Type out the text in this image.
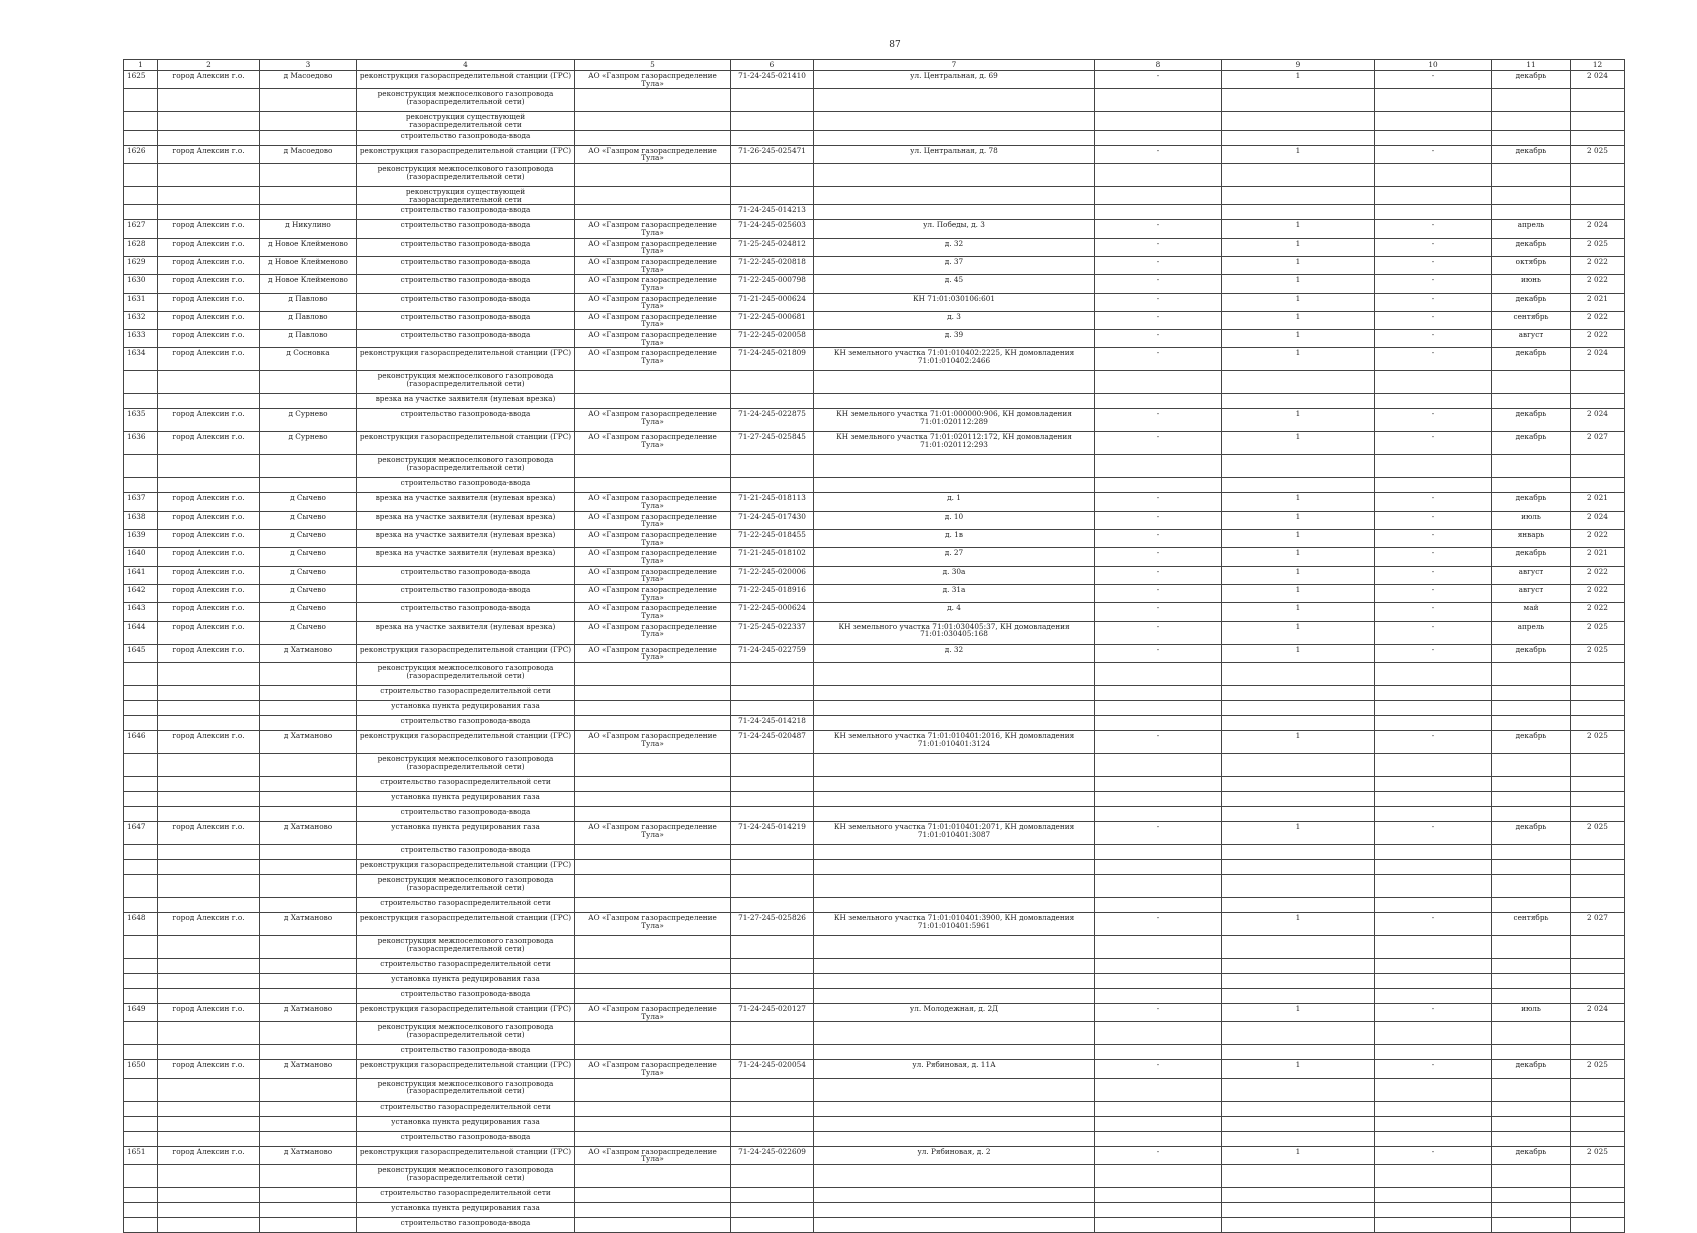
87
1	2	3	4	5	6	7	8	9	10	11	12
1625	город Алексин г.о.	д Масоедово	реконструкция газораспределительной станции (ГРС)	АО «Газпром газораспределение Тула»	71-24-245-021410	ул. Центральная, д. 69	-	1	-	декабрь	2 024
			реконструкция межпоселкового газопровода (газораспределительной сети)								
			реконструкция существующей газораспределительной сети								
			строительство газопровода-ввода								
1626	город Алексин г.о.	д Масоедово	реконструкция газораспределительной станции (ГРС)	АО «Газпром газораспределение Тула»	71-26-245-025471	ул. Центральная, д. 78	-	1	-	декабрь	2 025
			реконструкция межпоселкового газопровода (газораспределительной сети)								
			реконструкция существующей газораспределительной сети								
			строительство газопровода-ввода		71-24-245-014213						
1627	город Алексин г.о.	д Никулино	строительство газопровода-ввода	АО «Газпром газораспределение Тула»	71-24-245-025603	ул. Победы, д. 3	-	1	-	апрель	2 024
1628	город Алексин г.о.	д Новое Клейменово	строительство газопровода-ввода	АО «Газпром газораспределение Тула»	71-25-245-024812	д. 32	-	1	-	декабрь	2 025
1629	город Алексин г.о.	д Новое Клейменово	строительство газопровода-ввода	АО «Газпром газораспределение Тула»	71-22-245-020818	д. 37	-	1	-	октябрь	2 022
1630	город Алексин г.о.	д Новое Клейменово	строительство газопровода-ввода	АО «Газпром газораспределение Тула»	71-22-245-000798	д. 45	-	1	-	июнь	2 022
1631	город Алексин г.о.	д Павлово	строительство газопровода-ввода	АО «Газпром газораспределение Тула»	71-21-245-000624	КН 71:01:030106:601	-	1	-	декабрь	2 021
1632	город Алексин г.о.	д Павлово	строительство газопровода-ввода	АО «Газпром газораспределение Тула»	71-22-245-000681	д. 3	-	1	-	сентябрь	2 022
1633	город Алексин г.о.	д Павлово	строительство газопровода-ввода	АО «Газпром газораспределение Тула»	71-22-245-020058	д. 39	-	1	-	август	2 022
1634	город Алексин г.о.	д Сосновка	реконструкция газораспределительной станции (ГРС)	АО «Газпром газораспределение Тула»	71-24-245-021809	КН земельного участка 71:01:010402:2225, КН домовладения 71:01:010402:2466	-	1	-	декабрь	2 024
			реконструкция межпоселкового газопровода (газораспределительной сети)								
			врезка на участке заявителя (нулевая врезка)								
1635	город Алексин г.о.	д Сурнево	строительство газопровода-ввода	АО «Газпром газораспределение Тула»	71-24-245-022875	КН земельного участка 71:01:000000:906, КН домовладения 71:01:020112:289	-	1	-	декабрь	2 024
1636	город Алексин г.о.	д Сурнево	реконструкция газораспределительной станции (ГРС)	АО «Газпром газораспределение Тула»	71-27-245-025845	КН земельного участка 71:01:020112:172, КН домовладения 71:01:020112:293	-	1	-	декабрь	2 027
			реконструкция межпоселкового газопровода (газораспределительной сети)								
			строительство газопровода-ввода								
1637	город Алексин г.о.	д Сычево	врезка на участке заявителя (нулевая врезка)	АО «Газпром газораспределение Тула»	71-21-245-018113	д. 1	-	1	-	декабрь	2 021
1638	город Алексин г.о.	д Сычево	врезка на участке заявителя (нулевая врезка)	АО «Газпром газораспределение Тула»	71-24-245-017430	д. 10	-	1	-	июль	2 024
1639	город Алексин г.о.	д Сычево	врезка на участке заявителя (нулевая врезка)	АО «Газпром газораспределение Тула»	71-22-245-018455	д. 1в	-	1	-	январь	2 022
1640	город Алексин г.о.	д Сычево	врезка на участке заявителя (нулевая врезка)	АО «Газпром газораспределение Тула»	71-21-245-018102	д. 27	-	1	-	декабрь	2 021
1641	город Алексин г.о.	д Сычево	строительство газопровода-ввода	АО «Газпром газораспределение Тула»	71-22-245-020006	д. 30а	-	1	-	август	2 022
1642	город Алексин г.о.	д Сычево	строительство газопровода-ввода	АО «Газпром газораспределение Тула»	71-22-245-018916	д. 31а	-	1	-	август	2 022
1643	город Алексин г.о.	д Сычево	строительство газопровода-ввода	АО «Газпром газораспределение Тула»	71-22-245-000624	д. 4	-	1	-	май	2 022
1644	город Алексин г.о.	д Сычево	врезка на участке заявителя (нулевая врезка)	АО «Газпром газораспределение Тула»	71-25-245-022337	КН земельного участка 71:01:030405:37, КН домовладения 71:01:030405:168	-	1	-	апрель	2 025
1645	город Алексин г.о.	д Хатманово	реконструкция газораспределительной станции (ГРС)	АО «Газпром газораспределение Тула»	71-24-245-022759	д. 32	-	1	-	декабрь	2 025
			реконструкция межпоселкового газопровода (газораспределительной сети)								
			строительство газораспределительной сети								
			установка пункта редуцирования газа								
			строительство газопровода-ввода		71-24-245-014218						
1646	город Алексин г.о.	д Хатманово	реконструкция газораспределительной станции (ГРС)	АО «Газпром газораспределение Тула»	71-24-245-020487	КН земельного участка 71:01:010401:2016, КН домовладения 71:01:010401:3124	-	1	-	декабрь	2 025
			реконструкция межпоселкового газопровода (газораспределительной сети)								
			строительство газораспределительной сети								
			установка пункта редуцирования газа								
			строительство газопровода-ввода								
1647	город Алексин г.о.	д Хатманово	установка пункта редуцирования газа	АО «Газпром газораспределение Тула»	71-24-245-014219	КН земельного участка 71:01:010401:2071, КН домовладения 71:01:010401:3087	-	1	-	декабрь	2 025
			строительство газопровода-ввода								
			реконструкция газораспределительной станции (ГРС)								
			реконструкция межпоселкового газопровода (газораспределительной сети)								
			строительство газораспределительной сети								
1648	город Алексин г.о.	д Хатманово	реконструкция газораспределительной станции (ГРС)	АО «Газпром газораспределение Тула»	71-27-245-025826	КН земельного участка 71:01:010401:3900, КН домовладения 71:01:010401:5961	-	1	-	сентябрь	2 027
			реконструкция межпоселкового газопровода (газораспределительной сети)								
			строительство газораспределительной сети								
			установка пункта редуцирования газа								
			строительство газопровода-ввода								
1649	город Алексин г.о.	д Хатманово	реконструкция газораспределительной станции (ГРС)	АО «Газпром газораспределение Тула»	71-24-245-020127	ул. Молодежная, д. 2Д	-	1	-	июль	2 024
			реконструкция межпоселкового газопровода (газораспределительной сети)								
			строительство газопровода-ввода								
1650	город Алексин г.о.	д Хатманово	реконструкция газораспределительной станции (ГРС)	АО «Газпром газораспределение Тула»	71-24-245-020054	ул. Рябиновая, д. 11А	-	1	-	декабрь	2 025
			реконструкция межпоселкового газопровода (газораспределительной сети)								
			строительство газораспределительной сети								
			установка пункта редуцирования газа								
			строительство газопровода-ввода								
1651	город Алексин г.о.	д Хатманово	реконструкция газораспределительной станции (ГРС)	АО «Газпром газораспределение Тула»	71-24-245-022609	ул. Рябиновая, д. 2	-	1	-	декабрь	2 025
			реконструкция межпоселкового газопровода (газораспределительной сети)								
			строительство газораспределительной сети								
			установка пункта редуцирования газа								
			строительство газопровода-ввода								
